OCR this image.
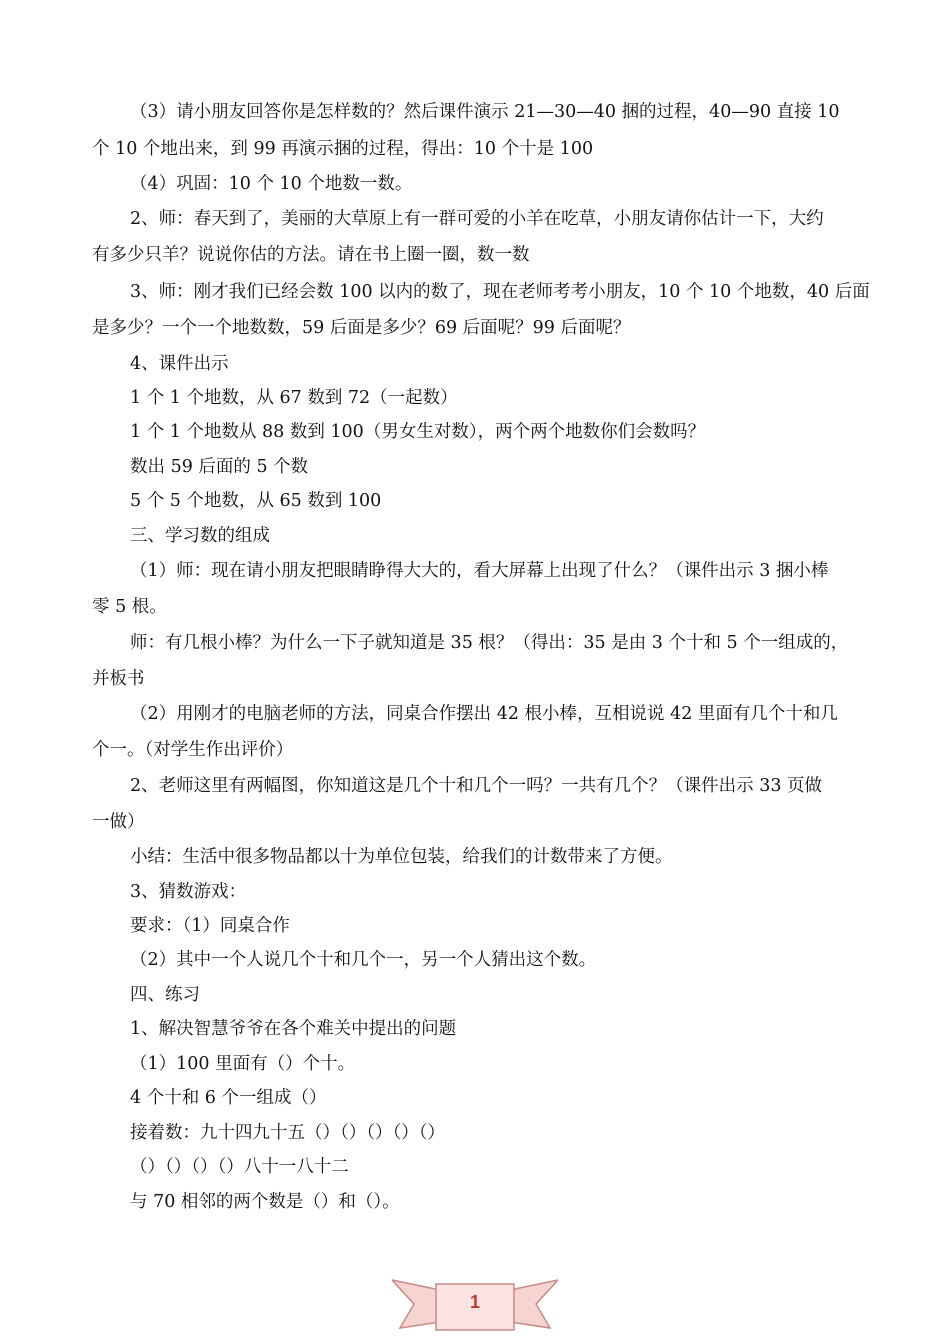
（3）请小朋友回答你是怎样数的？然后课件演示 21—30—40 捆的过程，40—90 直接 10
个 10 个地出来，到 99 再演示捆的过程，得出：10 个十是 100
（4）巩固：10 个 10 个地数一数。
2、师：春天到了，美丽的大草原上有一群可爱的小羊在吃草，小朋友请你估计一下，大约
有多少只羊？说说你估的方法。请在书上圈一圈，数一数
3、师：刚才我们已经会数 100 以内的数了，现在老师考考小朋友，10 个 10 个地数，40 后面
是多少？一个一个地数数，59 后面是多少？69 后面呢？99 后面呢？
4、课件出示
1 个 1 个地数，从 67 数到 72（一起数）
1 个 1 个地数从 88 数到 100（男女生对数），两个两个地数你们会数吗？
数出 59 后面的 5 个数
5 个 5 个地数，从 65 数到 100
三、学习数的组成
（1）师：现在请小朋友把眼睛睁得大大的，看大屏幕上出现了什么？（课件出示 3 捆小棒
零 5 根。
师：有几根小棒？为什么一下子就知道是 35 根？（得出：35 是由 3 个十和 5 个一组成的，
并板书
（2）用刚才的电脑老师的方法，同桌合作摆出 42 根小棒，互相说说 42 里面有几个十和几
个一。（对学生作出评价）
2、老师这里有两幅图，你知道这是几个十和几个一吗？一共有几个？（课件出示 33 页做
一做）
小结：生活中很多物品都以十为单位包装，给我们的计数带来了方便。
3、猜数游戏：
要求：（1）同桌合作
（2）其中一个人说几个十和几个一，另一个人猜出这个数。
四、练习
1、解决智慧爷爷在各个难关中提出的问题
（1）100 里面有（）个十。
4 个十和 6 个一组成（）
接着数：九十四九十五（）（）（）（）（）
（）（）（）（）八十一八十二
与 70 相邻的两个数是（）和（）。
1
